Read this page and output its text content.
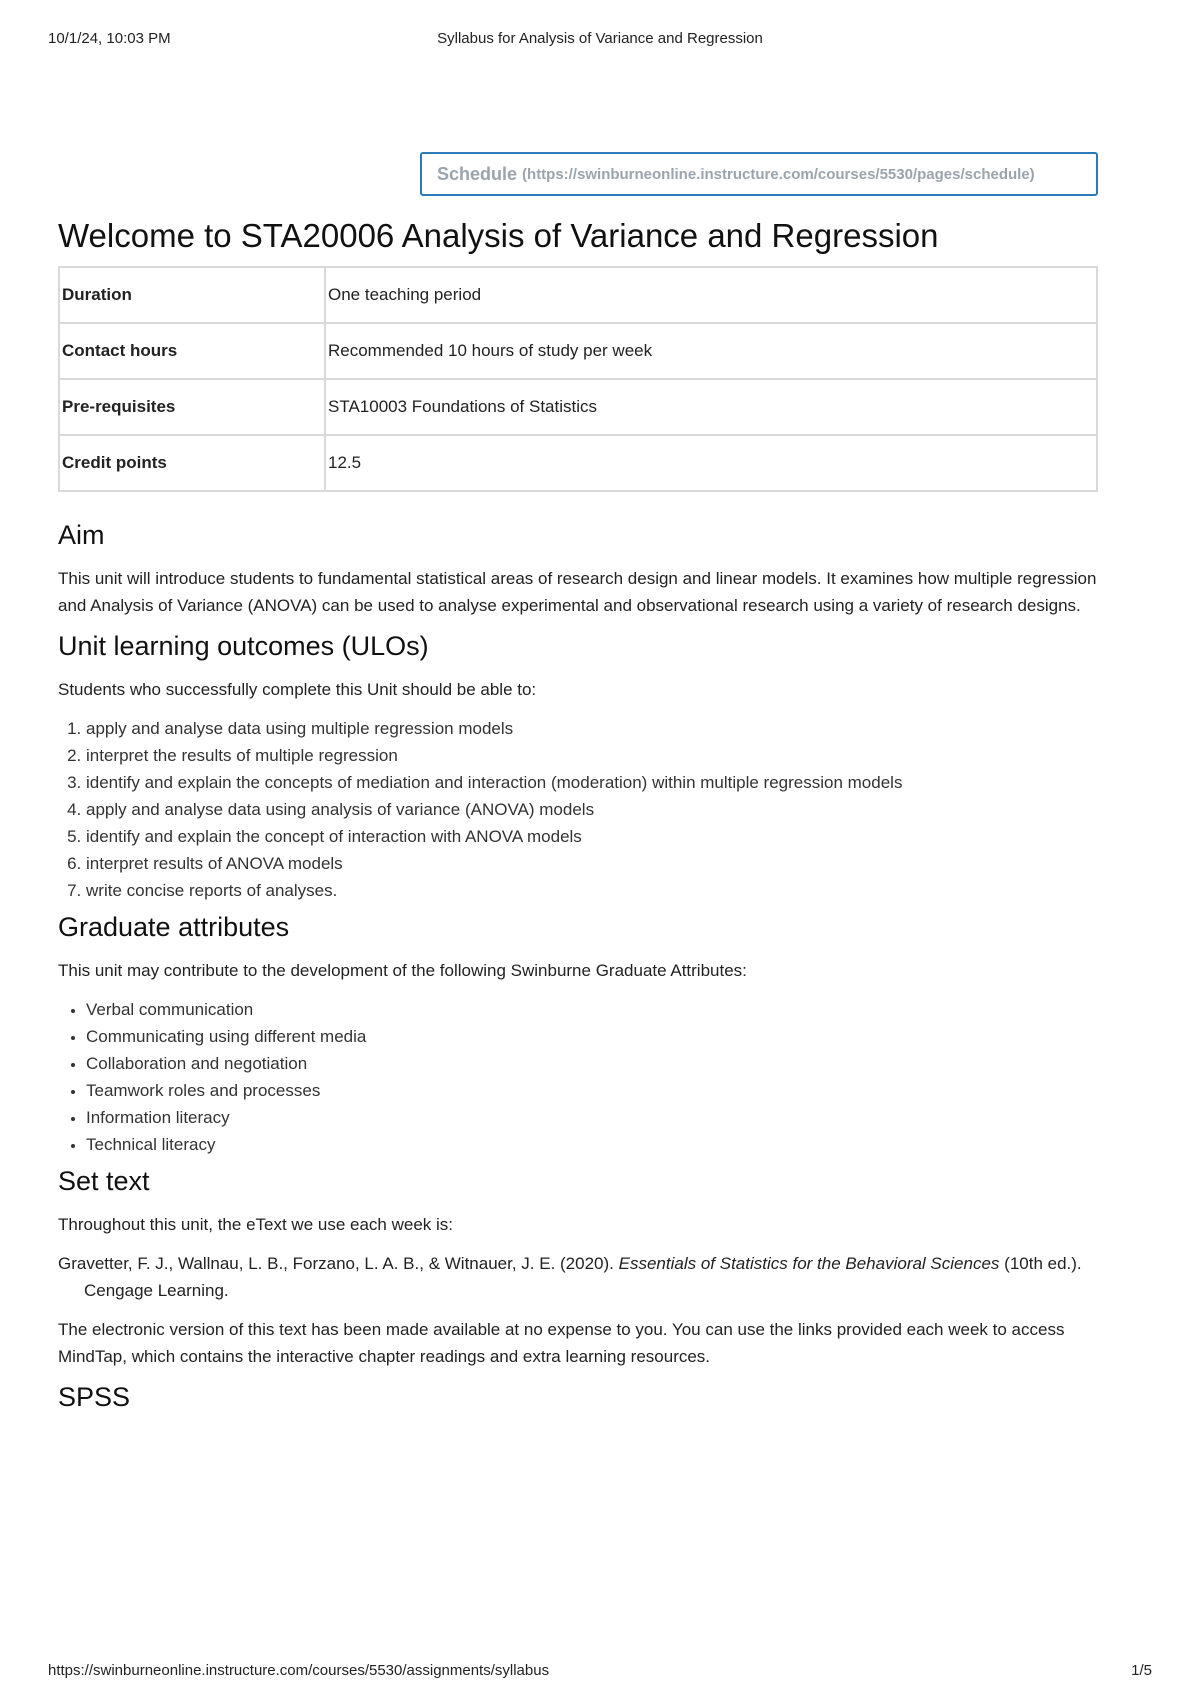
10/1/24, 10:03 PM	Syllabus for Analysis of Variance and Regression
Schedule (https://swinburneonline.instructure.com/courses/5530/pages/schedule)
Welcome to STA20006 Analysis of Variance and Regression
Duration	One teaching period
Contact hours	Recommended 10 hours of study per week
Pre-requisites	STA10003 Foundations of Statistics
Credit points	12.5
Aim

This unit will introduce students to fundamental statistical areas of research design and linear models. It examines how multiple regression and Analysis of Variance (ANOVA) can be used to analyse experimental and observational research using a variety of research designs.

Unit learning outcomes (ULOs)

Students who successfully complete this Unit should be able to:

1. apply and analyse data using multiple regression models
2. interpret the results of multiple regression
3. identify and explain the concepts of mediation and interaction (moderation) within multiple regression models
4. apply and analyse data using analysis of variance (ANOVA) models
5. identify and explain the concept of interaction with ANOVA models
6. interpret results of ANOVA models
7. write concise reports of analyses.
Graduate attributes

This unit may contribute to the development of the following Swinburne Graduate Attributes:

• Verbal communication
• Communicating using different media
• Collaboration and negotiation
• Teamwork roles and processes
• Information literacy
• Technical literacy
Set text

Throughout this unit, the eText we use each week is:

Gravetter, F. J., Wallnau, L. B., Forzano, L. A. B., & Witnauer, J. E. (2020). Essentials of Statistics for the Behavioral Sciences (10th ed.). Cengage Learning.

The electronic version of this text has been made available at no expense to you. You can use the links provided each week to access MindTap, which contains the interactive chapter readings and extra learning resources.

SPSS
https://swinburneonline.instructure.com/courses/5530/assignments/syllabus	1/5
